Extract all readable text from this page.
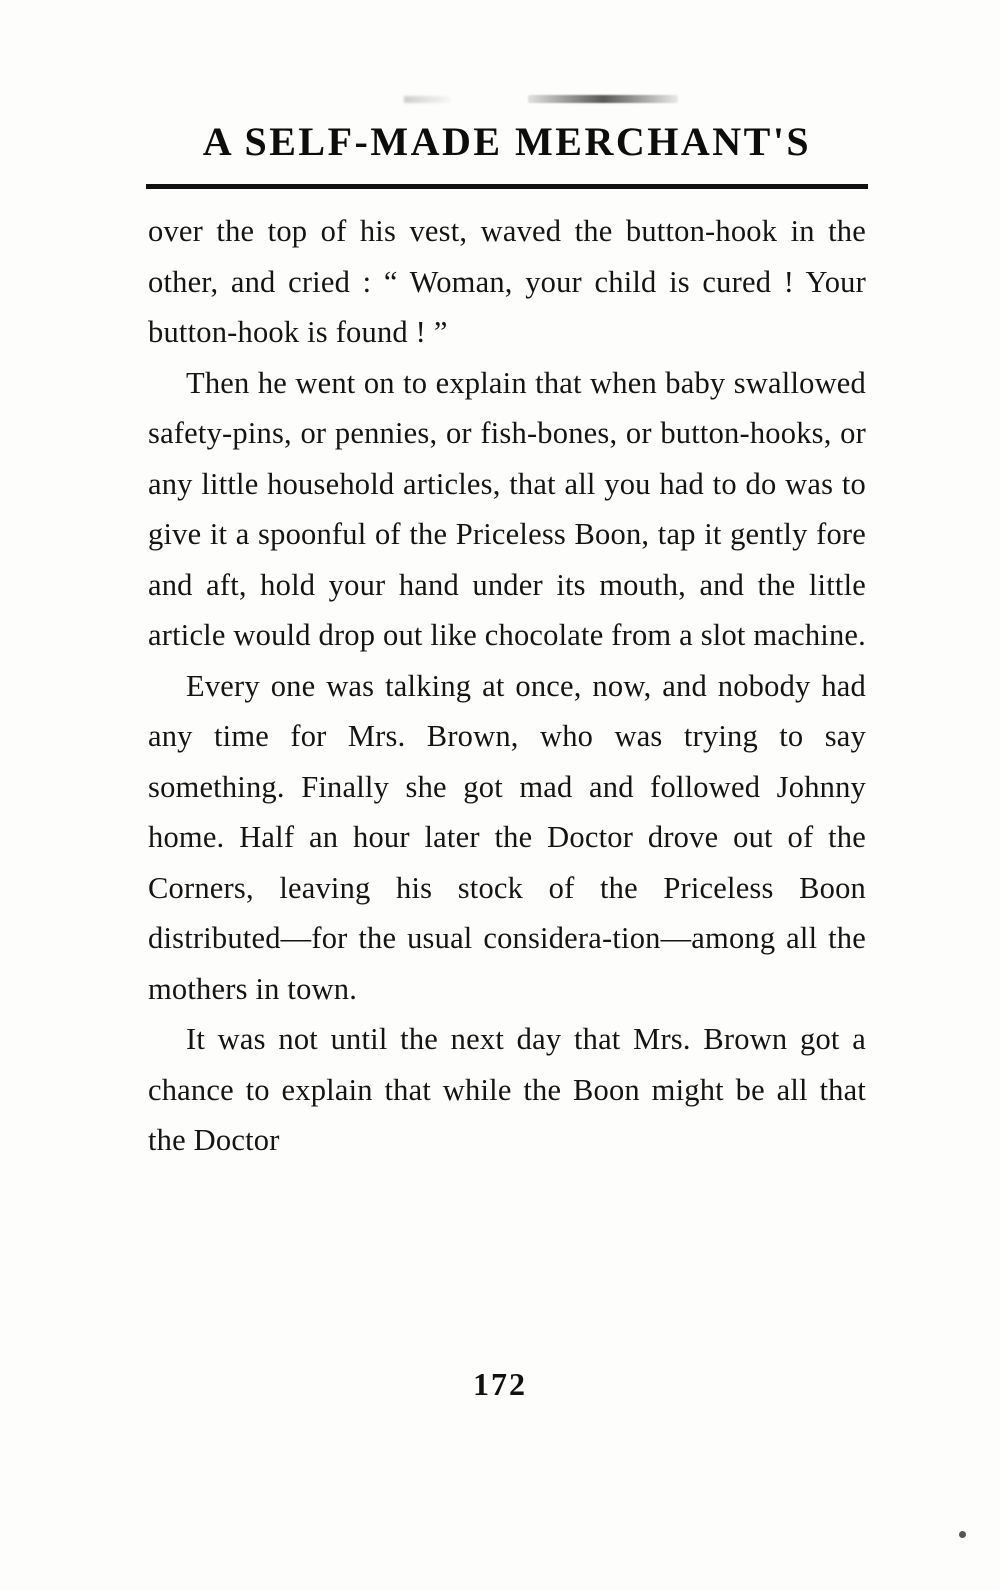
A SELF-MADE MERCHANT'S

over the top of his vest, waved the button-hook in the other, and cried : “ Woman, your child is cured ! Your button-hook is found ! ”

Then he went on to explain that when baby swallowed safety-pins, or pennies, or fish-bones, or button-hooks, or any little household articles, that all you had to do was to give it a spoonful of the Priceless Boon, tap it gently fore and aft, hold your hand under its mouth, and the little article would drop out like chocolate from a slot machine.

Every one was talking at once, now, and nobody had any time for Mrs. Brown, who was trying to say something. Finally she got mad and followed Johnny home. Half an hour later the Doctor drove out of the Corners, leaving his stock of the Priceless Boon distributed—for the usual considera-tion—among all the mothers in town.

It was not until the next day that Mrs. Brown got a chance to explain that while the Boon might be all that the Doctor

172
